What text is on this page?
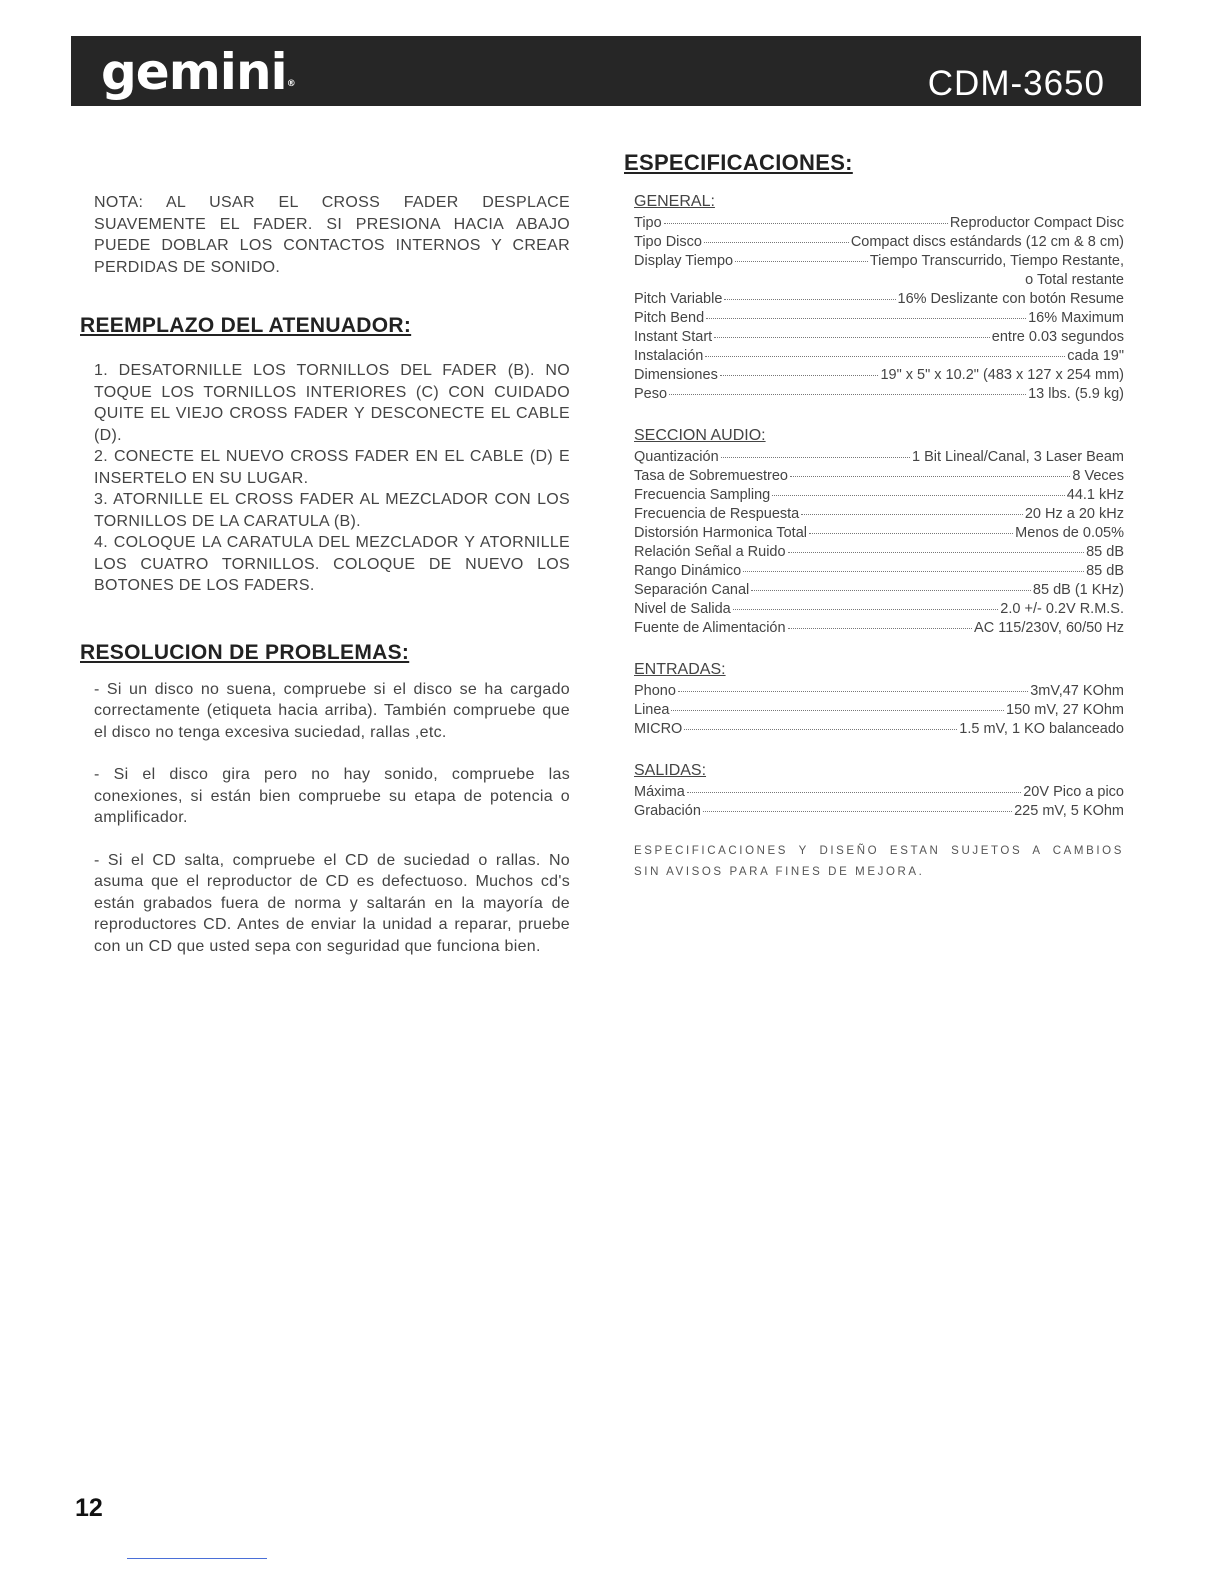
gemini®	CDM-3650

NOTA: AL USAR EL CROSS FADER DESPLACE SUAVEMENTE EL FADER. SI PRESIONA HACIA ABAJO PUEDE DOBLAR LOS CONTACTOS INTERNOS Y CREAR PERDIDAS DE SONIDO.

REEMPLAZO DEL ATENUADOR:

1. DESATORNILLE LOS TORNILLOS DEL FADER (B). NO TOQUE LOS TORNILLOS INTERIORES (C) CON CUIDADO QUITE EL VIEJO CROSS FADER Y DESCONECTE EL CABLE (D).

2. CONECTE EL NUEVO CROSS FADER EN EL CABLE (D) E INSERTELO EN SU LUGAR.

3. ATORNILLE EL CROSS FADER AL MEZCLADOR CON LOS TORNILLOS DE LA CARATULA (B).

4. COLOQUE LA CARATULA DEL MEZCLADOR Y ATORNILLE LOS CUATRO TORNILLOS. COLOQUE DE NUEVO LOS BOTONES DE LOS FADERS.

RESOLUCION DE PROBLEMAS:

- Si un disco no suena, compruebe si el disco se ha cargado correctamente (etiqueta hacia arriba). También compruebe que el disco no tenga excesiva suciedad, rallas ,etc.

- Si el disco gira pero no hay sonido, compruebe las conexiones, si están bien compruebe su etapa de potencia o amplificador.

- Si el CD salta, compruebe el CD de suciedad o rallas. No asuma que el reproductor de CD es defectuoso. Muchos cd's están grabados fuera de norma y saltarán en la mayoría de reproductores CD. Antes de enviar la unidad a reparar, pruebe con un CD que usted sepa con seguridad que funciona bien.

ESPECIFICACIONES:
GENERAL:
Tipo	Reproductor Compact Disc
Tipo Disco	Compact discs estándards (12 cm & 8 cm)
Display Tiempo	Tiempo Transcurrido, Tiempo Restante,
o Total restante
Pitch Variable	16% Deslizante con botón Resume
Pitch Bend	16% Maximum
Instant Start	entre 0.03 segundos
Instalación	cada 19"
Dimensiones	19" x 5" x 10.2" (483 x 127 x 254 mm)
Peso	13 lbs. (5.9 kg)
SECCION AUDIO:
Quantización	1 Bit Lineal/Canal, 3 Laser Beam
Tasa de Sobremuestreo	8 Veces
Frecuencia Sampling	44.1 kHz
Frecuencia de Respuesta	20 Hz a 20 kHz
Distorsión Harmonica Total	Menos de 0.05%
Relación Señal a Ruido	85 dB
Rango Dinámico	85 dB
Separación Canal	85 dB (1 KHz)
Nivel de Salida	2.0 +/- 0.2V R.M.S.
Fuente de Alimentación	AC 115/230V, 60/50 Hz
ENTRADAS:
Phono	3mV,47 KOhm
Linea	150 mV, 27 KOhm
MICRO	1.5 mV, 1 KO balanceado
SALIDAS:
Máxima	20V Pico a pico
Grabación	225 mV, 5 KOhm

ESPECIFICACIONES Y DISEÑO ESTAN SUJETOS A CAMBIOS SIN AVISOS PARA FINES DE MEJORA.

12
